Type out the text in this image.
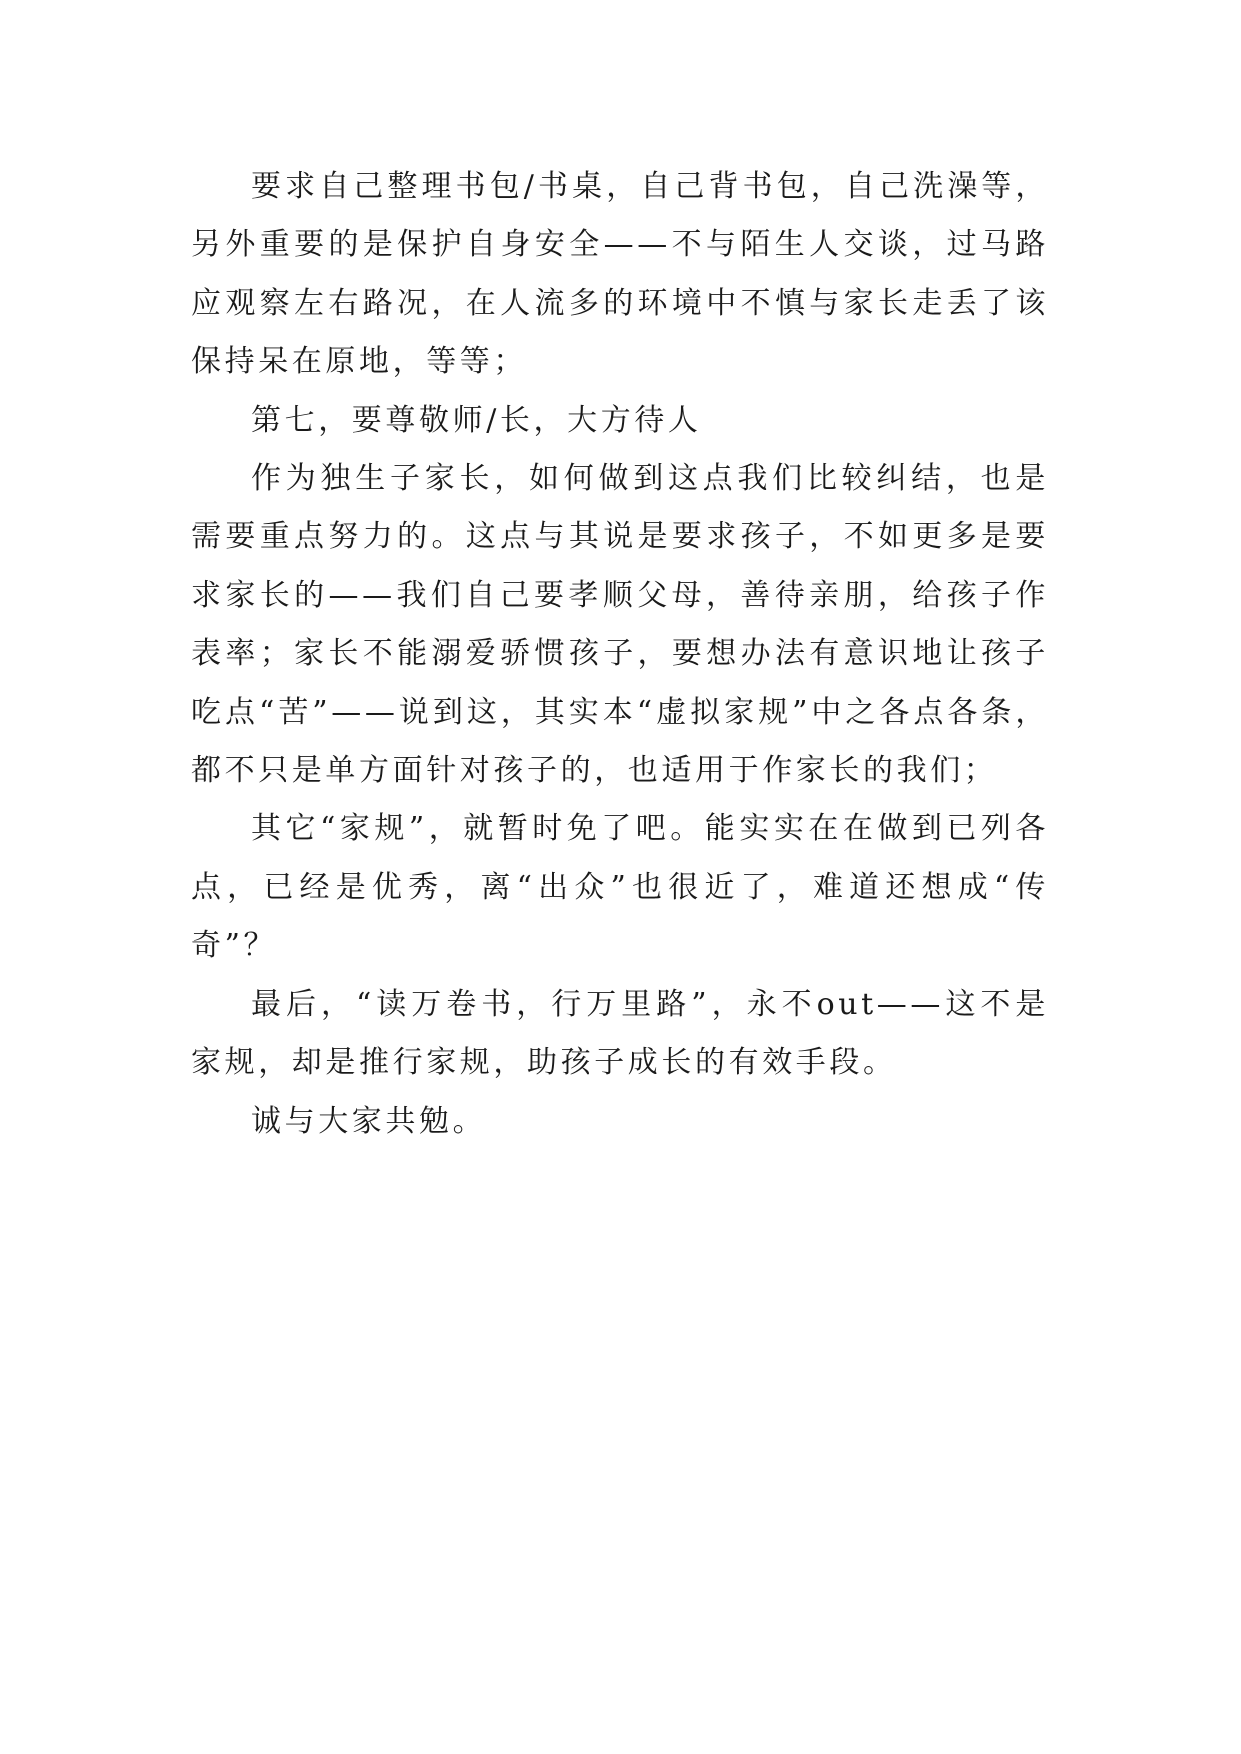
要求自己整理书包/书桌，自己背书包，自己洗澡等，另外重要的是保护自身安全——不与陌生人交谈，过马路应观察左右路况，在人流多的环境中不慎与家长走丢了该保持呆在原地，等等；

第七，要尊敬师/长，大方待人

作为独生子家长，如何做到这点我们比较纠结，也是需要重点努力的。这点与其说是要求孩子，不如更多是要求家长的——我们自己要孝顺父母，善待亲朋，给孩子作表率；家长不能溺爱骄惯孩子，要想办法有意识地让孩子吃点“苦”——说到这，其实本“虚拟家规”中之各点各条，都不只是单方面针对孩子的，也适用于作家长的我们；

其它“家规”，就暂时免了吧。能实实在在做到已列各点，已经是优秀，离“出众”也很近了，难道还想成“传奇”？

最后，“读万卷书，行万里路”，永不out——这不是家规，却是推行家规，助孩子成长的有效手段。

诚与大家共勉。
